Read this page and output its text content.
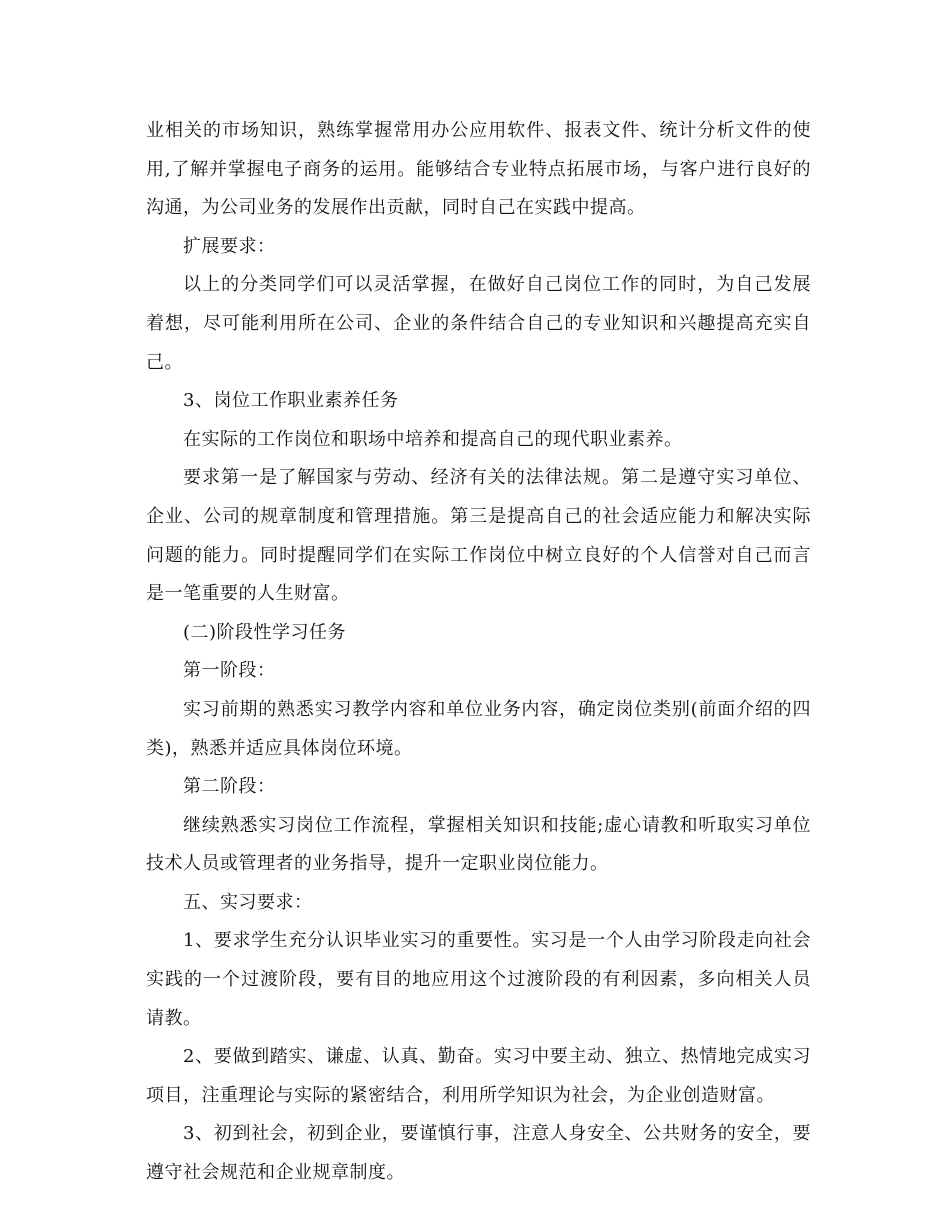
业相关的市场知识，熟练掌握常用办公应用软件、报表文件、统计分析文件的使用,了解并掌握电子商务的运用。能够结合专业特点拓展市场，与客户进行良好的沟通，为公司业务的发展作出贡献，同时自己在实践中提高。

扩展要求：

以上的分类同学们可以灵活掌握，在做好自己岗位工作的同时，为自己发展着想，尽可能利用所在公司、企业的条件结合自己的专业知识和兴趣提高充实自己。

3、岗位工作职业素养任务

在实际的工作岗位和职场中培养和提高自己的现代职业素养。

要求第一是了解国家与劳动、经济有关的法律法规。第二是遵守实习单位、企业、公司的规章制度和管理措施。第三是提高自己的社会适应能力和解决实际问题的能力。同时提醒同学们在实际工作岗位中树立良好的个人信誉对自己而言是一笔重要的人生财富。

(二)阶段性学习任务

第一阶段：

实习前期的熟悉实习教学内容和单位业务内容，确定岗位类别(前面介绍的四类)，熟悉并适应具体岗位环境。

第二阶段：

继续熟悉实习岗位工作流程，掌握相关知识和技能;虚心请教和听取实习单位技术人员或管理者的业务指导，提升一定职业岗位能力。

五、实习要求：

1、要求学生充分认识毕业实习的重要性。实习是一个人由学习阶段走向社会实践的一个过渡阶段，要有目的地应用这个过渡阶段的有利因素，多向相关人员请教。

2、要做到踏实、谦虚、认真、勤奋。实习中要主动、独立、热情地完成实习项目，注重理论与实际的紧密结合，利用所学知识为社会，为企业创造财富。

3、初到社会，初到企业，要谨慎行事，注意人身安全、公共财务的安全，要遵守社会规范和企业规章制度。
